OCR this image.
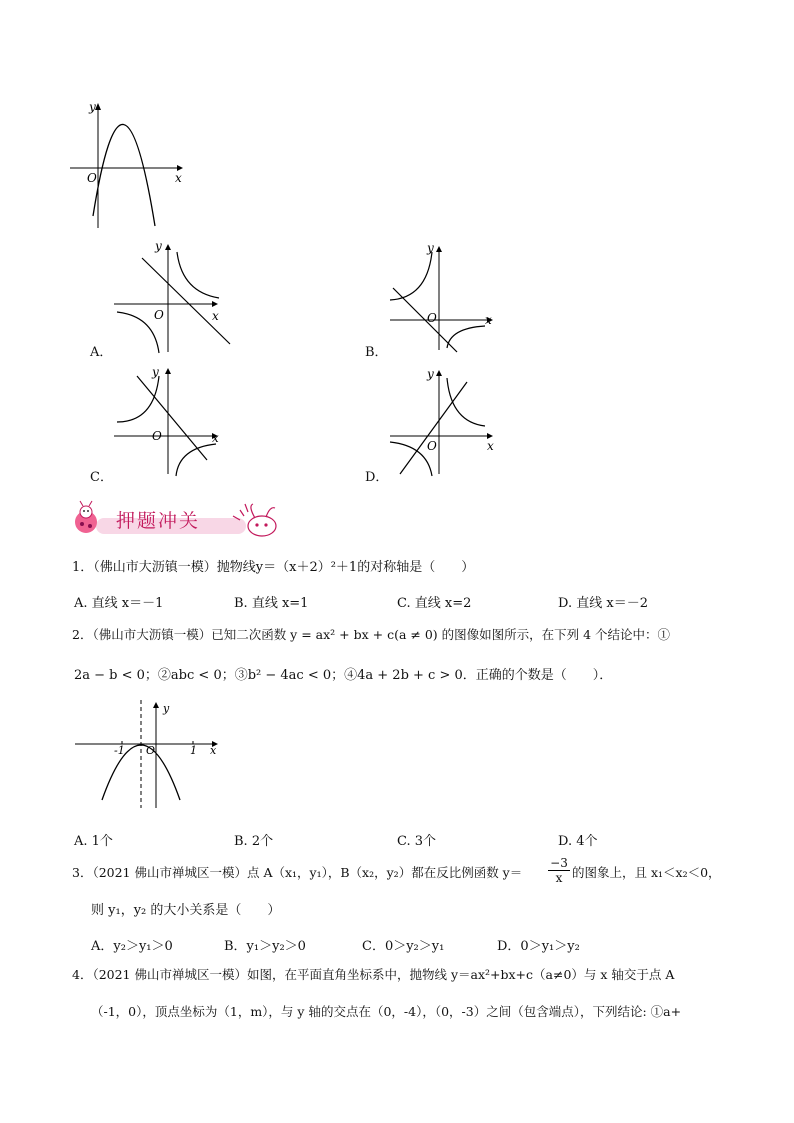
x
y
O
x
y
O
A．
x
y
O
B．
x
y
O
C．
x
y
O
D．
押题冲关
1．（佛山市大沥镇一模）抛物线y＝（x＋2）²＋1的对称轴是（　　）
A. 直线 x＝－1	B. 直线 x=1	C. 直线 x=2	D. 直线 x＝－2
2．（佛山市大沥镇一模）已知二次函数 y = ax² + bx + c(a ≠ 0) 的图像如图所示，在下列 4 个结论中：①
2a − b < 0；②abc < 0；③b² − 4ac < 0；④4a + 2b + c > 0．正确的个数是（　　）．
-1 O	1 x
y
A. 1个	B. 2个	C. 3个	D. 4个
3．（2021 佛山市禅城区一模）点 A（x₁，y₁），B（x₂，y₂）都在反比例函数 $y= \frac{-3}{x}$ 的图象上，且 x₁＜x₂＜0，
则 y₁，y₂ 的大小关系是（　　）
A．y₂＞y₁＞0	B．y₁＞y₂＞0	C．0＞y₂＞y₁	D．0＞y₁＞y₂
4．（2021 佛山市禅城区一模）如图，在平面直角坐标系中，抛物线 y＝ax²+bx+c（a≠0）与 x 轴交于点 A
（-1，0），顶点坐标为（1，m），与 y 轴的交点在（0，-4），（0，-3）之间（包含端点），下列结论: ①a+
